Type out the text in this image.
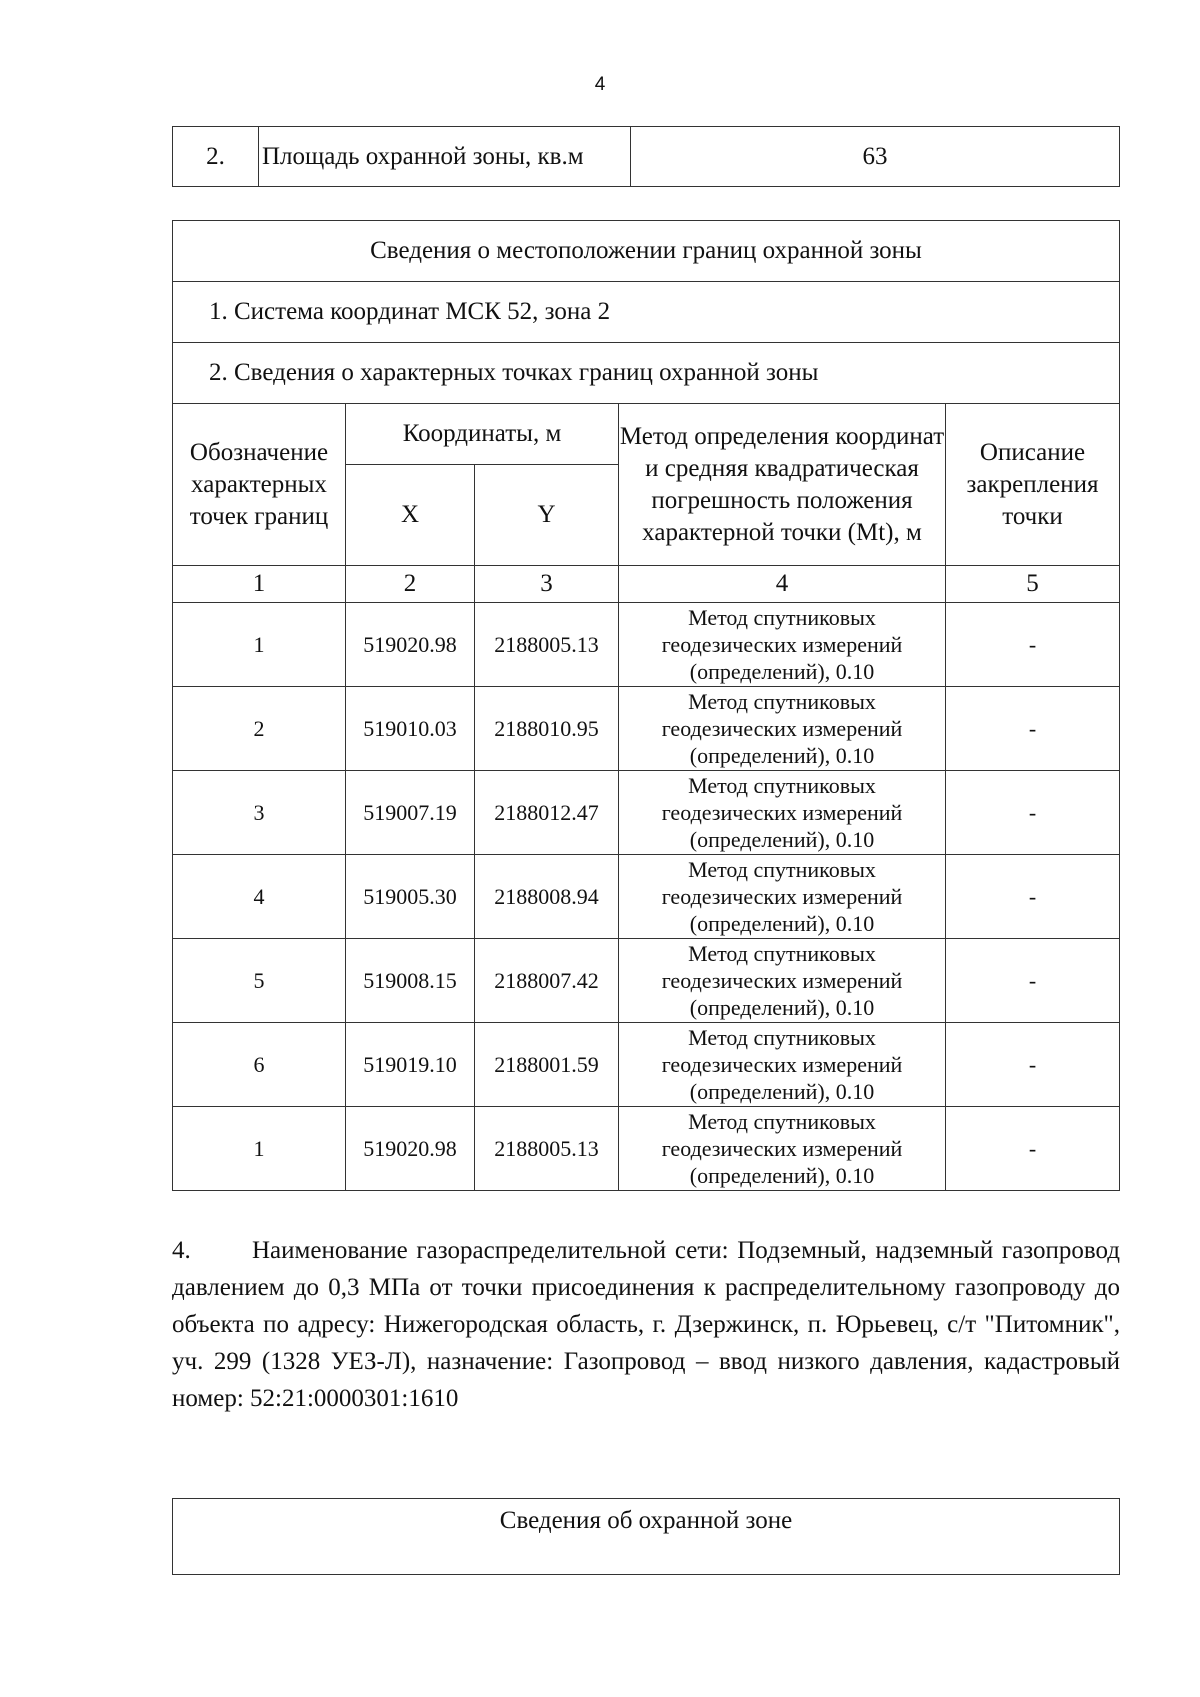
4
2.	Площадь охранной зоны, кв.м	63
Сведения о местоположении границ охранной зоны				
1. Система координат МСК 52, зона 2				
2. Сведения о характерных точках границ охранной зоны				
Обозначение характерных точек границ	Координаты, м		Метод определения координат и средняя квадратическая погрешность положения характерной точки (Mt), м	Описание закрепления точки
	X	Y		
1	2	3	4	5
1	519020.98	2188005.13	Метод спутниковых геодезических измерений (определений), 0.10	-
2	519010.03	2188010.95	Метод спутниковых геодезических измерений (определений), 0.10	-
3	519007.19	2188012.47	Метод спутниковых геодезических измерений (определений), 0.10	-
4	519005.30	2188008.94	Метод спутниковых геодезических измерений (определений), 0.10	-
5	519008.15	2188007.42	Метод спутниковых геодезических измерений (определений), 0.10	-
6	519019.10	2188001.59	Метод спутниковых геодезических измерений (определений), 0.10	-
1	519020.98	2188005.13	Метод спутниковых геодезических измерений (определений), 0.10	-
4. Наименование газораспределительной сети: Подземный, надземный газопровод давлением до 0,3 МПа от точки присоединения к распределительному газопроводу до объекта по адресу: Нижегородская область, г. Дзержинск, п. Юрьевец, с/т "Питомник", уч. 299 (1328 УЕЗ-Л), назначение: Газопровод – ввод низкого давления, кадастровый номер: 52:21:0000301:1610
Сведения об охранной зоне
